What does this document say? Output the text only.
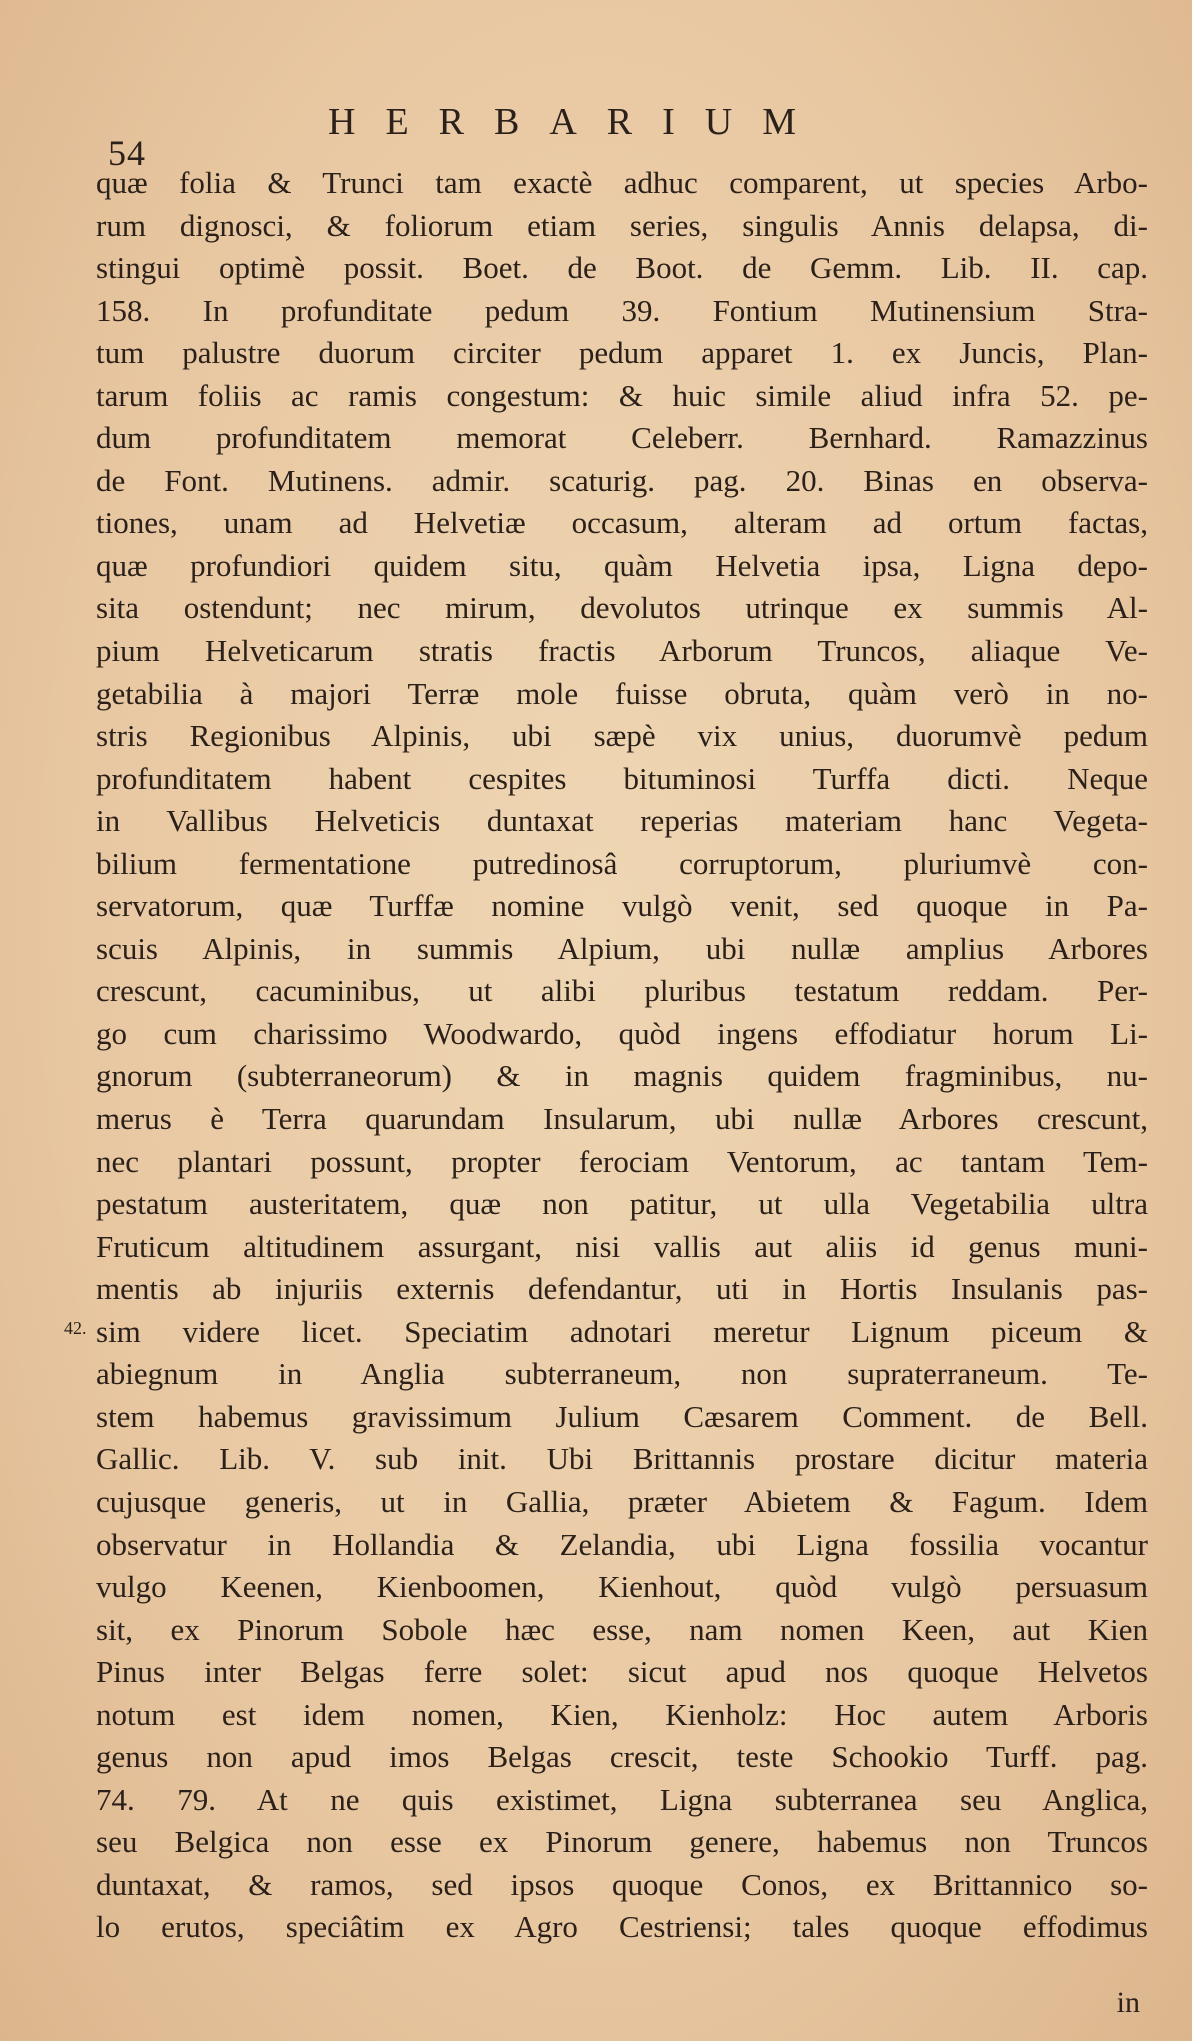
54
HERBARIUM
42.
quæ folia & Trunci tam exactè adhuc comparent, ut species Arbo-
rum dignosci, & foliorum etiam series, singulis Annis delapsa, di-
stingui optimè possit. Boet. de Boot. de Gemm. Lib. II. cap.
158. In profunditate pedum 39. Fontium Mutinensium Stra-
tum palustre duorum circiter pedum apparet 1. ex Juncis, Plan-
tarum foliis ac ramis congestum: & huic simile aliud infra 52. pe-
dum profunditatem memorat Celeberr. Bernhard. Ramazzinus
de Font. Mutinens. admir. scaturig. pag. 20. Binas en observa-
tiones, unam ad Helvetiæ occasum, alteram ad ortum factas,
quæ profundiori quidem situ, quàm Helvetia ipsa, Ligna depo-
sita ostendunt; nec mirum, devolutos utrinque ex summis Al-
pium Helveticarum stratis fractis Arborum Truncos, aliaque Ve-
getabilia à majori Terræ mole fuisse obruta, quàm verò in no-
stris Regionibus Alpinis, ubi sæpè vix unius, duorumvè pedum
profunditatem habent cespites bituminosi Turffa dicti. Neque
in Vallibus Helveticis duntaxat reperias materiam hanc Vegeta-
bilium fermentatione putredinosâ corruptorum, pluriumvè con-
servatorum, quæ Turffæ nomine vulgò venit, sed quoque in Pa-
scuis Alpinis, in summis Alpium, ubi nullæ amplius Arbores
crescunt, cacuminibus, ut alibi pluribus testatum reddam. Per-
go cum charissimo Woodwardo, quòd ingens effodiatur horum Li-
gnorum (subterraneorum) & in magnis quidem fragminibus, nu-
merus è Terra quarundam Insularum, ubi nullæ Arbores crescunt,
nec plantari possunt, propter ferociam Ventorum, ac tantam Tem-
pestatum austeritatem, quæ non patitur, ut ulla Vegetabilia ultra
Fruticum altitudinem assurgant, nisi vallis aut aliis id genus muni-
mentis ab injuriis externis defendantur, uti in Hortis Insulanis pas-
sim videre licet. Speciatim adnotari meretur Lignum piceum &
abiegnum in Anglia subterraneum, non supraterraneum. Te-
stem habemus gravissimum Julium Cæsarem Comment. de Bell.
Gallic. Lib. V. sub init. Ubi Brittannis prostare dicitur materia
cujusque generis, ut in Gallia, præter Abietem & Fagum. Idem
observatur in Hollandia & Zelandia, ubi Ligna fossilia vocantur
vulgo Keenen, Kienboomen, Kienhout, quòd vulgò persuasum
sit, ex Pinorum Sobole hæc esse, nam nomen Keen, aut Kien
Pinus inter Belgas ferre solet: sicut apud nos quoque Helvetos
notum est idem nomen, Kien, Kienholz: Hoc autem Arboris
genus non apud imos Belgas crescit, teste Schookio Turff. pag.
74. 79. At ne quis existimet, Ligna subterranea seu Anglica,
seu Belgica non esse ex Pinorum genere, habemus non Truncos
duntaxat, & ramos, sed ipsos quoque Conos, ex Brittannico so-
lo erutos, speciâtim ex Agro Cestriensi; tales quoque effodimus
in
